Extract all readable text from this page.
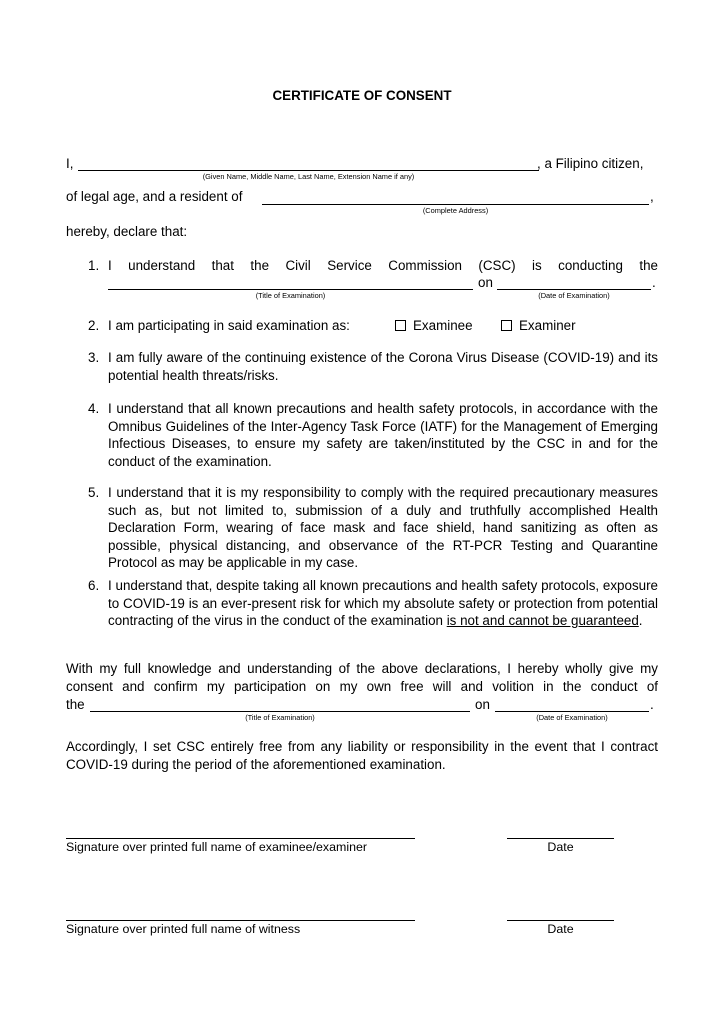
CERTIFICATE OF CONSENT
I,	, a Filipino citizen,
(Given Name, Middle Name, Last Name, Extension Name if any)
of legal age, and a resident of	,
(Complete Address)
hereby, declare that:
1. I understand that the Civil Service Commission (CSC) is conducting the
on	.
(Title of Examination)	(Date of Examination)
2. I am participating in said examination as:	Examinee	Examiner
3. I am fully aware of the continuing existence of the Corona Virus Disease (COVID-19) and its potential health threats/risks.
4. I understand that all known precautions and health safety protocols, in accordance with the Omnibus Guidelines of the Inter-Agency Task Force (IATF) for the Management of Emerging Infectious Diseases, to ensure my safety are taken/instituted by the CSC in and for the conduct of the examination.
5. I understand that it is my responsibility to comply with the required precautionary measures such as, but not limited to, submission of a duly and truthfully accomplished Health Declaration Form, wearing of face mask and face shield, hand sanitizing as often as possible, physical distancing, and observance of the RT-PCR Testing and Quarantine Protocol as may be applicable in my case.
6. I understand that, despite taking all known precautions and health safety protocols, exposure to COVID-19 is an ever-present risk for which my absolute safety or protection from potential contracting of the virus in the conduct of the examination is not and cannot be guaranteed.
With my full knowledge and understanding of the above declarations, I hereby wholly give my consent and confirm my participation on my own free will and volition in the conduct of
the	on	.
(Title of Examination)	(Date of Examination)
Accordingly, I set CSC entirely free from any liability or responsibility in the event that I contract COVID-19 during the period of the aforementioned examination.
Signature over printed full name of examinee/examiner	Date
Signature over printed full name of witness	Date
